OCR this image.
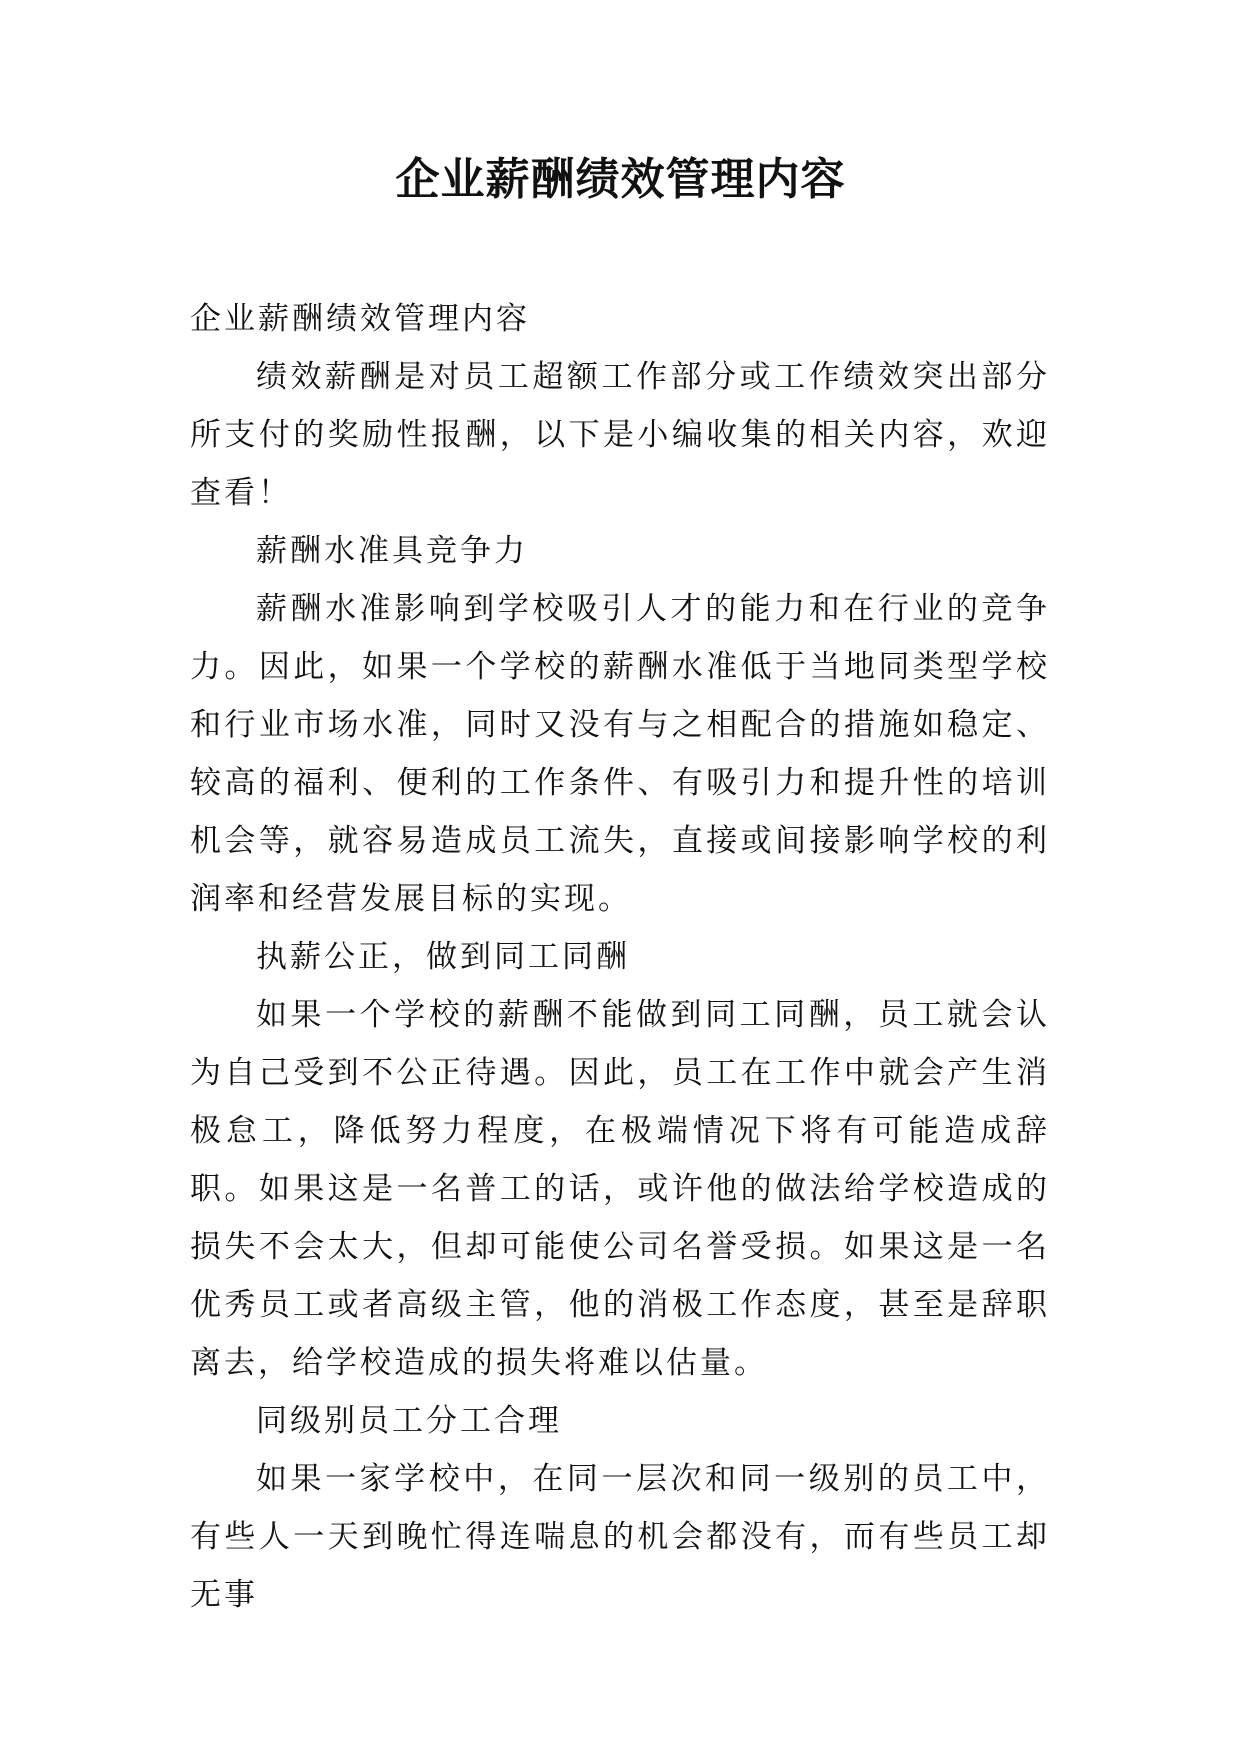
企业薪酬绩效管理内容

企业薪酬绩效管理内容

绩效薪酬是对员工超额工作部分或工作绩效突出部分所支付的奖励性报酬，以下是小编收集的相关内容，欢迎查看！

薪酬水准具竞争力

薪酬水准影响到学校吸引人才的能力和在行业的竞争力。因此，如果一个学校的薪酬水准低于当地同类型学校和行业市场水准，同时又没有与之相配合的措施如稳定、较高的福利、便利的工作条件、有吸引力和提升性的培训机会等，就容易造成员工流失，直接或间接影响学校的利润率和经营发展目标的实现。

执薪公正，做到同工同酬

如果一个学校的薪酬不能做到同工同酬，员工就会认为自己受到不公正待遇。因此，员工在工作中就会产生消极怠工，降低努力程度，在极端情况下将有可能造成辞职。如果这是一名普工的话，或许他的做法给学校造成的损失不会太大，但却可能使公司名誉受损。如果这是一名优秀员工或者高级主管，他的消极工作态度，甚至是辞职离去，给学校造成的损失将难以估量。

同级别员工分工合理

如果一家学校中，在同一层次和同一级别的员工中，有些人一天到晚忙得连喘息的机会都没有，而有些员工却无事
